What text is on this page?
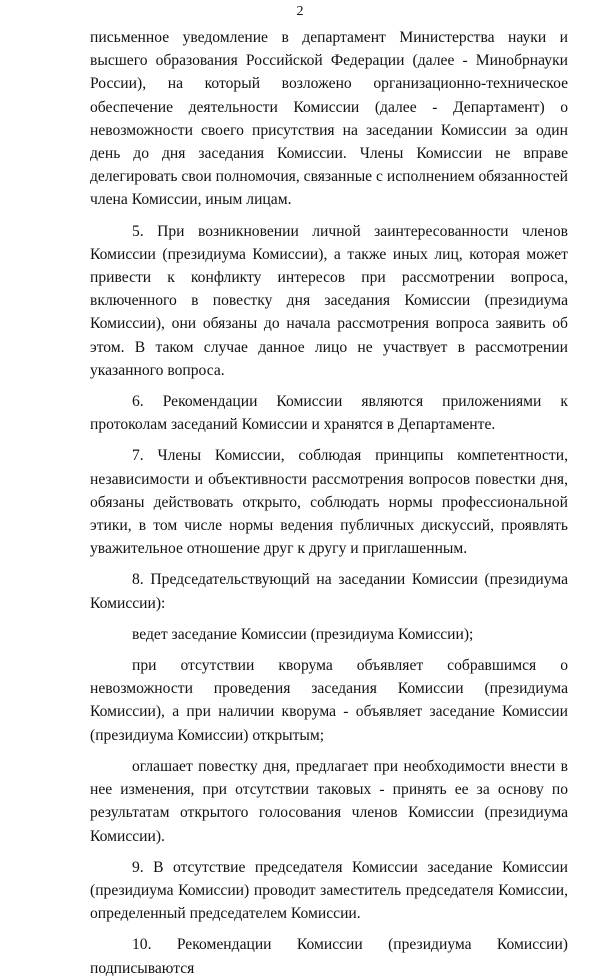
2

письменное уведомление в департамент Министерства науки и высшего образования Российской Федерации (далее - Минобрнауки России), на который возложено организационно-техническое обеспечение деятельности Комиссии (далее - Департамент) о невозможности своего присутствия на заседании Комиссии за один день до дня заседания Комиссии. Члены Комиссии не вправе делегировать свои полномочия, связанные с исполнением обязанностей члена Комиссии, иным лицам.

5. При возникновении личной заинтересованности членов Комиссии (президиума Комиссии), а также иных лиц, которая может привести к конфликту интересов при рассмотрении вопроса, включенного в повестку дня заседания Комиссии (президиума Комиссии), они обязаны до начала рассмотрения вопроса заявить об этом. В таком случае данное лицо не участвует в рассмотрении указанного вопроса.

6. Рекомендации Комиссии являются приложениями к протоколам заседаний Комиссии и хранятся в Департаменте.

7. Члены Комиссии, соблюдая принципы компетентности, независимости и объективности рассмотрения вопросов повестки дня, обязаны действовать открыто, соблюдать нормы профессиональной этики, в том числе нормы ведения публичных дискуссий, проявлять уважительное отношение друг к другу и приглашенным.

8. Председательствующий на заседании Комиссии (президиума Комиссии):

ведет заседание Комиссии (президиума Комиссии);

при отсутствии кворума объявляет собравшимся о невозможности проведения заседания Комиссии (президиума Комиссии), а при наличии кворума - объявляет заседание Комиссии (президиума Комиссии) открытым;

оглашает повестку дня, предлагает при необходимости внести в нее изменения, при отсутствии таковых - принять ее за основу по результатам открытого голосования членов Комиссии (президиума Комиссии).

9. В отсутствие председателя Комиссии заседание Комиссии (президиума Комиссии) проводит заместитель председателя Комиссии, определенный председателем Комиссии.

10. Рекомендации Комиссии (президиума Комиссии) подписываются
